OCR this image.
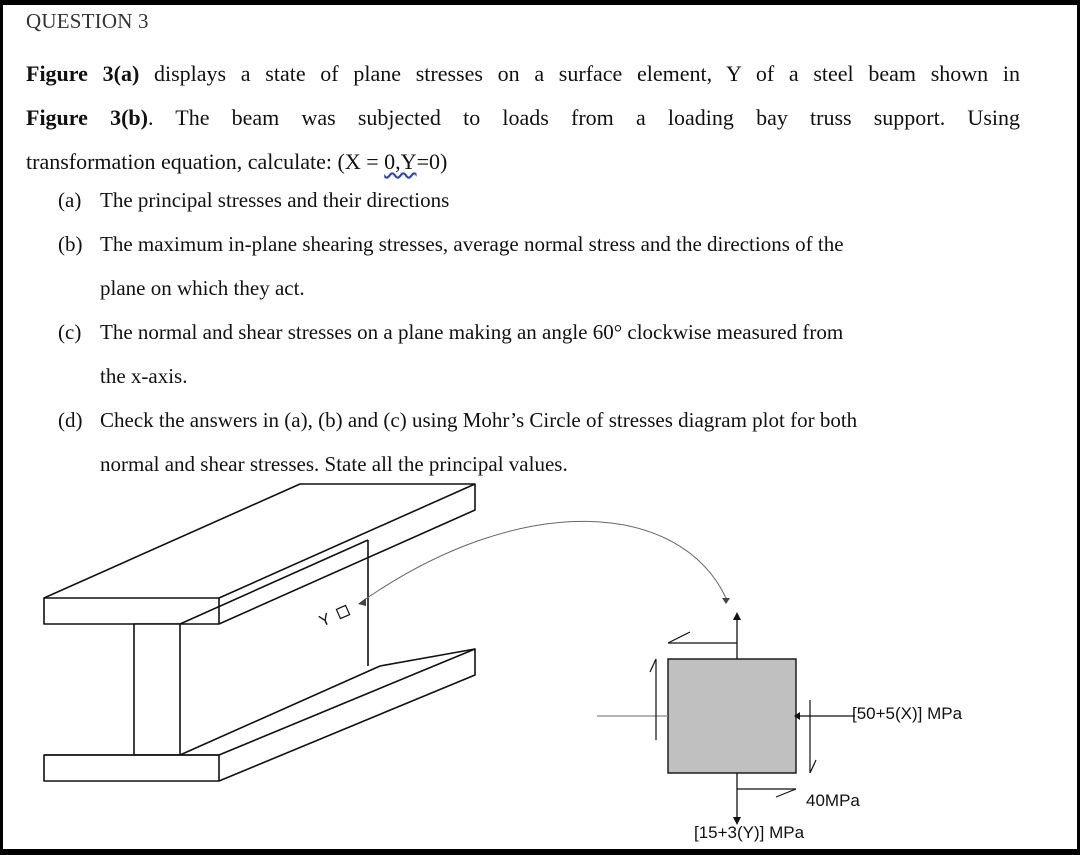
QUESTION 3
Figure 3(a) displays a state of plane stresses on a surface element, Y of a steel beam shown in
Figure 3(b). The beam was subjected to loads from a loading bay truss support. Using
transformation equation, calculate: (X = 0,Y=0)
(a) The principal stresses and their directions
(b) The maximum in-plane shearing stresses, average normal stress and the directions of the
plane on which they act.
(c) The normal and shear stresses on a plane making an angle 60° clockwise measured from
the x-axis.
(d) Check the answers in (a), (b) and (c) using Mohr’s Circle of stresses diagram plot for both
normal and shear stresses. State all the principal values.
Y
[50+5(X)] MPa
40MPa
[15+3(Y)] MPa
